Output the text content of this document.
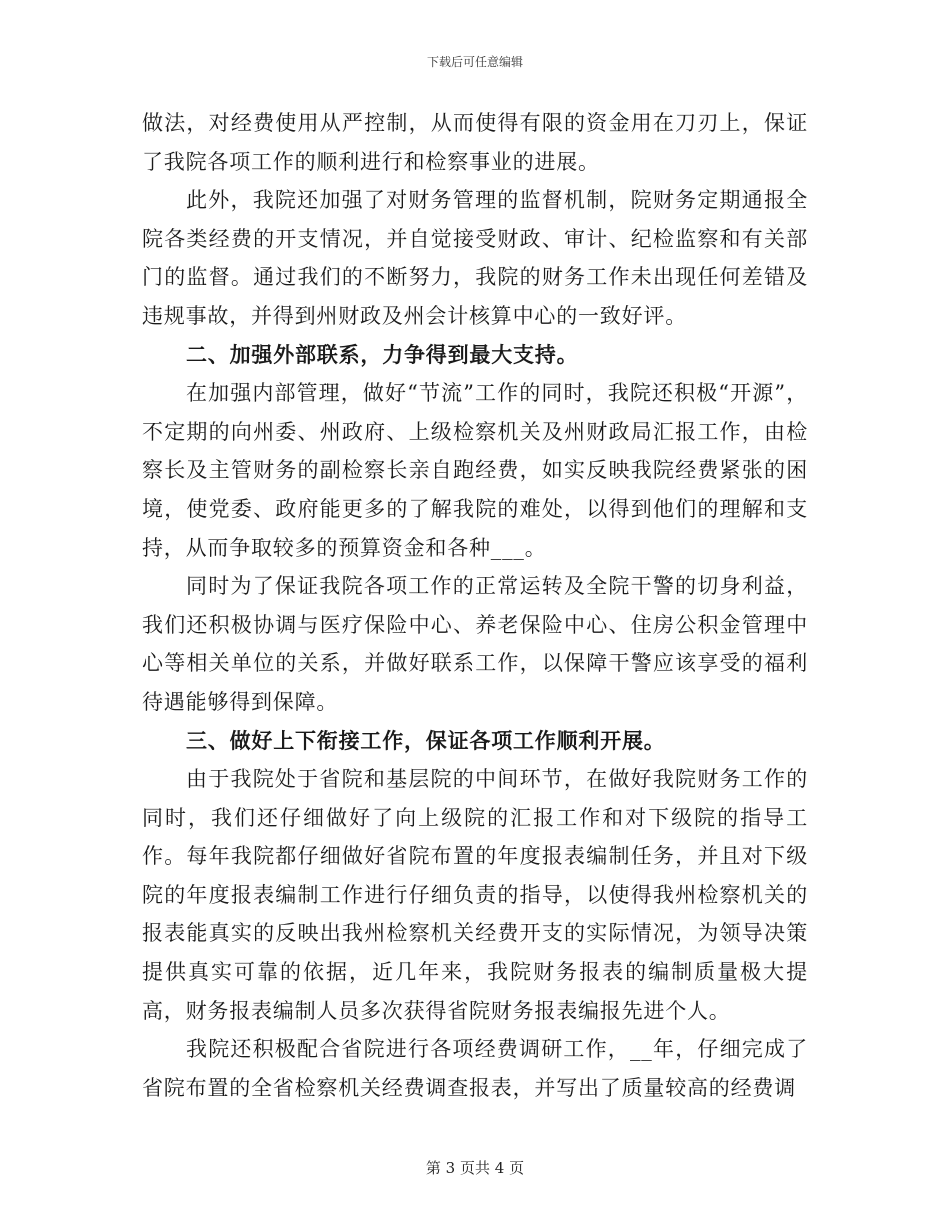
下载后可任意编辑

做法，对经费使用从严控制，从而使得有限的资金用在刀刃上，保证了我院各项工作的顺利进行和检察事业的进展。

此外，我院还加强了对财务管理的监督机制，院财务定期通报全院各类经费的开支情况，并自觉接受财政、审计、纪检监察和有关部门的监督。通过我们的不断努力，我院的财务工作未出现任何差错及违规事故，并得到州财政及州会计核算中心的一致好评。

二、加强外部联系，力争得到最大支持。

在加强内部管理，做好“节流”工作的同时，我院还积极“开源”，不定期的向州委、州政府、上级检察机关及州财政局汇报工作，由检察长及主管财务的副检察长亲自跑经费，如实反映我院经费紧张的困境，使党委、政府能更多的了解我院的难处，以得到他们的理解和支持，从而争取较多的预算资金和各种___。

同时为了保证我院各项工作的正常运转及全院干警的切身利益，我们还积极协调与医疗保险中心、养老保险中心、住房公积金管理中心等相关单位的关系，并做好联系工作，以保障干警应该享受的福利待遇能够得到保障。

三、做好上下衔接工作，保证各项工作顺利开展。

由于我院处于省院和基层院的中间环节，在做好我院财务工作的同时，我们还仔细做好了向上级院的汇报工作和对下级院的指导工作。每年我院都仔细做好省院布置的年度报表编制任务，并且对下级院的年度报表编制工作进行仔细负责的指导，以使得我州检察机关的报表能真实的反映出我州检察机关经费开支的实际情况，为领导决策提供真实可靠的依据，近几年来，我院财务报表的编制质量极大提高，财务报表编制人员多次获得省院财务报表编报先进个人。

我院还积极配合省院进行各项经费调研工作，__年，仔细完成了省院布置的全省检察机关经费调查报表，并写出了质量较高的经费调

第 3 页共 4 页
